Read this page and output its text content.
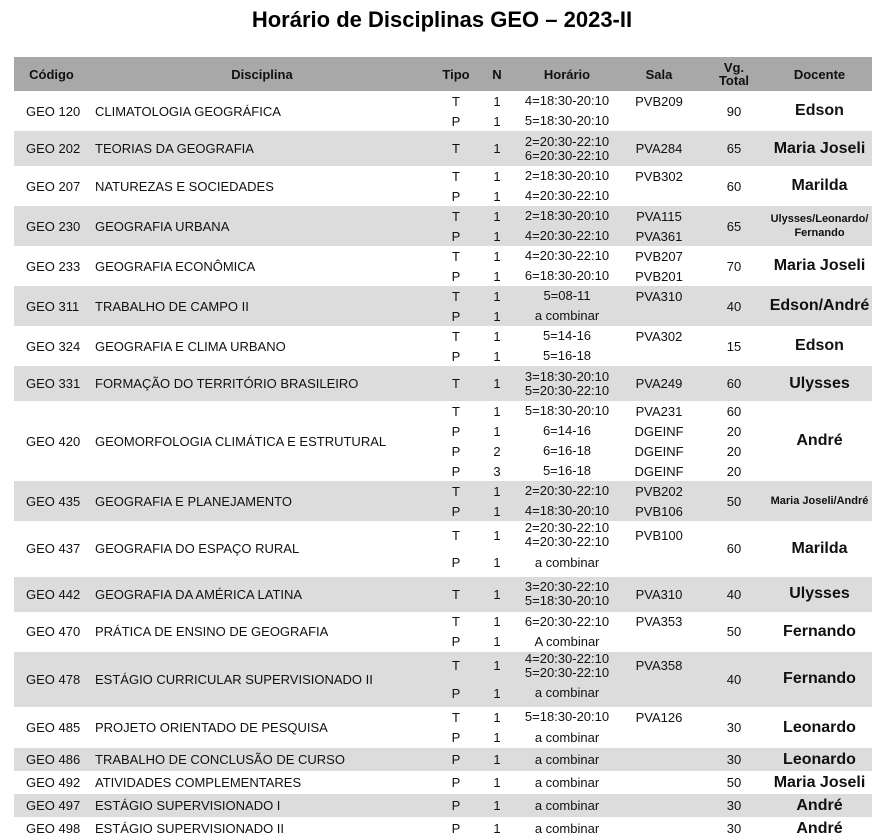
Horário de Disciplinas GEO – 2023-II
Código	Disciplina	Tipo	N	Horário	Sala	Vg. Total	Docente
GEO 120	CLIMATOLOGIA GEOGRÁFICA	T	1	4=18:30-20:10	PVB209	90	Edson
		P	1	5=18:30-20:10			
GEO 202	TEORIAS DA GEOGRAFIA	T	1	2=20:30-22:10
6=20:30-22:10	PVA284	65	Maria Joseli
GEO 207	NATUREZAS E SOCIEDADES	T	1	2=18:30-20:10	PVB302	60	Marilda
		P	1	4=20:30-22:10			
GEO 230	GEOGRAFIA URBANA	T	1	2=18:30-20:10	PVA115	65	Ulysses/Leonardo/
Fernando
		P	1	4=20:30-22:10	PVA361		
GEO 233	GEOGRAFIA ECONÔMICA	T	1	4=20:30-22:10	PVB207	70	Maria Joseli
		P	1	6=18:30-20:10	PVB201		
GEO 311	TRABALHO DE CAMPO II	T	1	5=08-11	PVA310	40	Edson/André
		P	1	a combinar			
GEO 324	GEOGRAFIA E CLIMA URBANO	T	1	5=14-16	PVA302	15	Edson
		P	1	5=16-18			
GEO 331	FORMAÇÃO DO TERRITÓRIO BRASILEIRO	T	1	3=18:30-20:10
5=20:30-22:10	PVA249	60	Ulysses
GEO 420	GEOMORFOLOGIA CLIMÁTICA E ESTRUTURAL	T	1	5=18:30-20:10	PVA231	60	André
		P	1	6=14-16	DGEINF	20	
		P	2	6=16-18	DGEINF	20	
		P	3	5=16-18	DGEINF	20	
GEO 435	GEOGRAFIA E PLANEJAMENTO	T	1	2=20:30-22:10	PVB202	50	Maria Joseli/André
		P	1	4=18:30-20:10	PVB106		
GEO 437	GEOGRAFIA DO ESPAÇO RURAL	T	1	2=20:30-22:10
4=20:30-22:10	PVB100	60	Marilda
		P	1	a combinar			
GEO 442	GEOGRAFIA DA AMÉRICA LATINA	T	1	3=20:30-22:10
5=18:30-20:10	PVA310	40	Ulysses
GEO 470	PRÁTICA DE ENSINO DE GEOGRAFIA	T	1	6=20:30-22:10	PVA353	50	Fernando
		P	1	A combinar			
GEO 478	ESTÁGIO CURRICULAR SUPERVISIONADO II	T	1	4=20:30-22:10
5=20:30-22:10	PVA358	40	Fernando
		P	1	a combinar			
GEO 485	PROJETO ORIENTADO DE PESQUISA	T	1	5=18:30-20:10	PVA126	30	Leonardo
		P	1	a combinar			
GEO 486	TRABALHO DE CONCLUSÃO DE CURSO	P	1	a combinar		30	Leonardo
GEO 492	ATIVIDADES COMPLEMENTARES	P	1	a combinar		50	Maria Joseli
GEO 497	ESTÁGIO SUPERVISIONADO I	P	1	a combinar		30	André
GEO 498	ESTÁGIO SUPERVISIONADO II	P	1	a combinar		30	André
